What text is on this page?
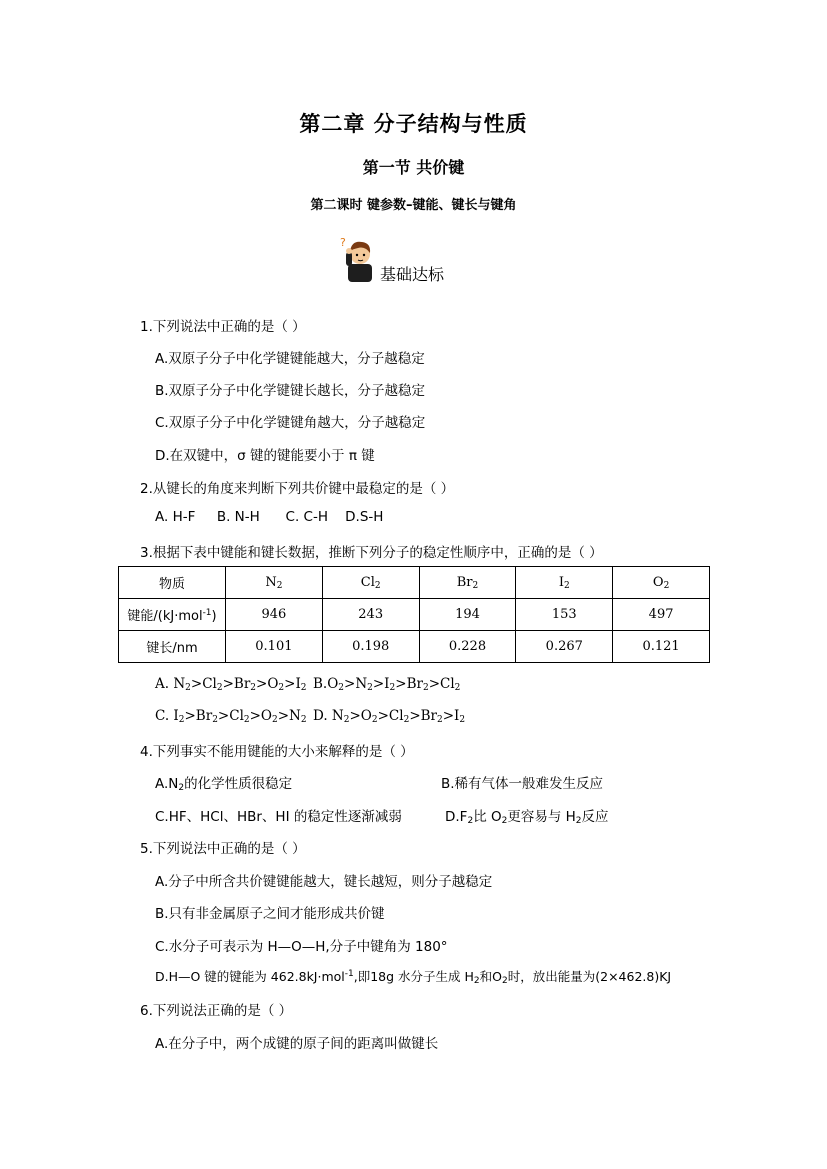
第二章 分子结构与性质
第一节 共价键
第二课时 键参数–键能、键长与键角
?
基础达标
1.下列说法中正确的是（ ）
A.双原子分子中化学键键能越大，分子越稳定
B.双原子分子中化学键键长越长，分子越稳定
C.双原子分子中化学键键角越大，分子越稳定
D.在双键中，σ 键的键能要小于 π 键
2.从键长的角度来判断下列共价键中最稳定的是（ ）
A. H-F     B. N-H      C. C-H    D.S-H
3.根据下表中键能和键长数据，推断下列分子的稳定性顺序中，正确的是（ ）
物质	$N_2$	$Cl_2$	$Br_2$	$I_2$	$O_2$
键能/(kJ·mol$^{-1}$)	946	243	194	153	497
键长/nm	0.101	0.198	0.228	0.267	0.121
A. $N_2>Cl_2>Br_2>O_2>I_2$ $B.O_2>N_2>I_2>Br_2>Cl_2$
C. $I_2>Br_2>Cl_2>O_2>N_2$ D. $N_2>O_2>Cl_2>Br_2>I_2$
4.下列事实不能用键能的大小来解释的是（ ）
$A.N_2$的化学性质很稳定	B.稀有气体一般难发生反应
C.HF、HCl、HBr、HI 的稳定性逐渐减弱	$D.F_2$比 $O_2$更容易与 $H_2$反应
5.下列说法中正确的是（ ）
A.分子中所含共价键键能越大，键长越短，则分子越稳定
B.只有非金属原子之间才能形成共价键
C.水分子可表示为 H—O—H,分子中键角为 180°
D.H—O 键的键能为 462.8kJ·mol$^{-1}$,即18g 水分子生成 $H_2$和$O_2$时，放出能量为(2×462.8)KJ
6.下列说法正确的是（ ）
A.在分子中，两个成键的原子间的距离叫做键长
